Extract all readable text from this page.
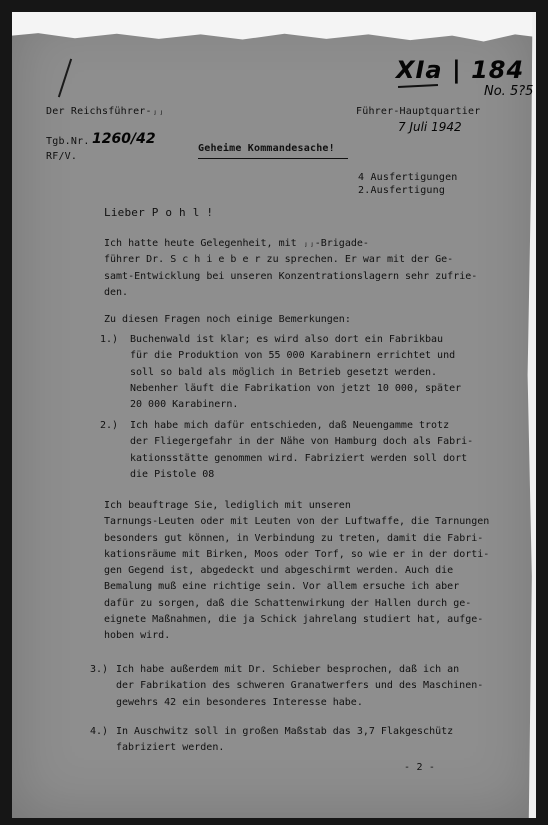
XIa | 184
No. 5?5
Der Reichsführer-ⱼⱼ	Führer-Hauptquartier
7 Juli 1942
Tgb.Nr. 1260/42
RF/V.
Geheime Kommandesache!
4 Ausfertigungen
2.Ausfertigung
Lieber P o h l !
Ich hatte heute Gelegenheit, mit ⱼⱼ-Brigade-
führer Dr. S c h i e b e r zu sprechen. Er war mit der Ge-
samt-Entwicklung bei unseren Konzentrationslagern sehr zufrie-
den.
Zu diesen Fragen noch einige Bemerkungen:
1.) Buchenwald ist klar; es wird also dort ein Fabrikbau
für die Produktion von 55 000 Karabinern errichtet und
soll so bald als möglich in Betrieb gesetzt werden.
Nebenher läuft die Fabrikation von jetzt 10 000, später
20 000 Karabinern.
2.) Ich habe mich dafür entschieden, daß Neuengamme trotz
der Fliegergefahr in der Nähe von Hamburg doch als Fabri-
kationsstätte genommen wird. Fabriziert werden soll dort
die Pistole 08
Ich beauftrage Sie, lediglich mit unseren
Tarnungs-Leuten oder mit Leuten von der Luftwaffe, die Tarnungen
besonders gut können, in Verbindung zu treten, damit die Fabri-
kationsräume mit Birken, Moos oder Torf, so wie er in der dorti-
gen Gegend ist, abgedeckt und abgeschirmt werden. Auch die
Bemalung muß eine richtige sein. Vor allem ersuche ich aber
dafür zu sorgen, daß die Schattenwirkung der Hallen durch ge-
eignete Maßnahmen, die ja Schick jahrelang studiert hat, aufge-
hoben wird.
3.) Ich habe außerdem mit Dr. Schieber besprochen, daß ich an
der Fabrikation des schweren Granatwerfers und des Maschinen-
gewehrs 42 ein besonderes Interesse habe.
4.) In Auschwitz soll in großen Maßstab das 3,7 Flakgeschütz
fabriziert werden.
- 2 -
